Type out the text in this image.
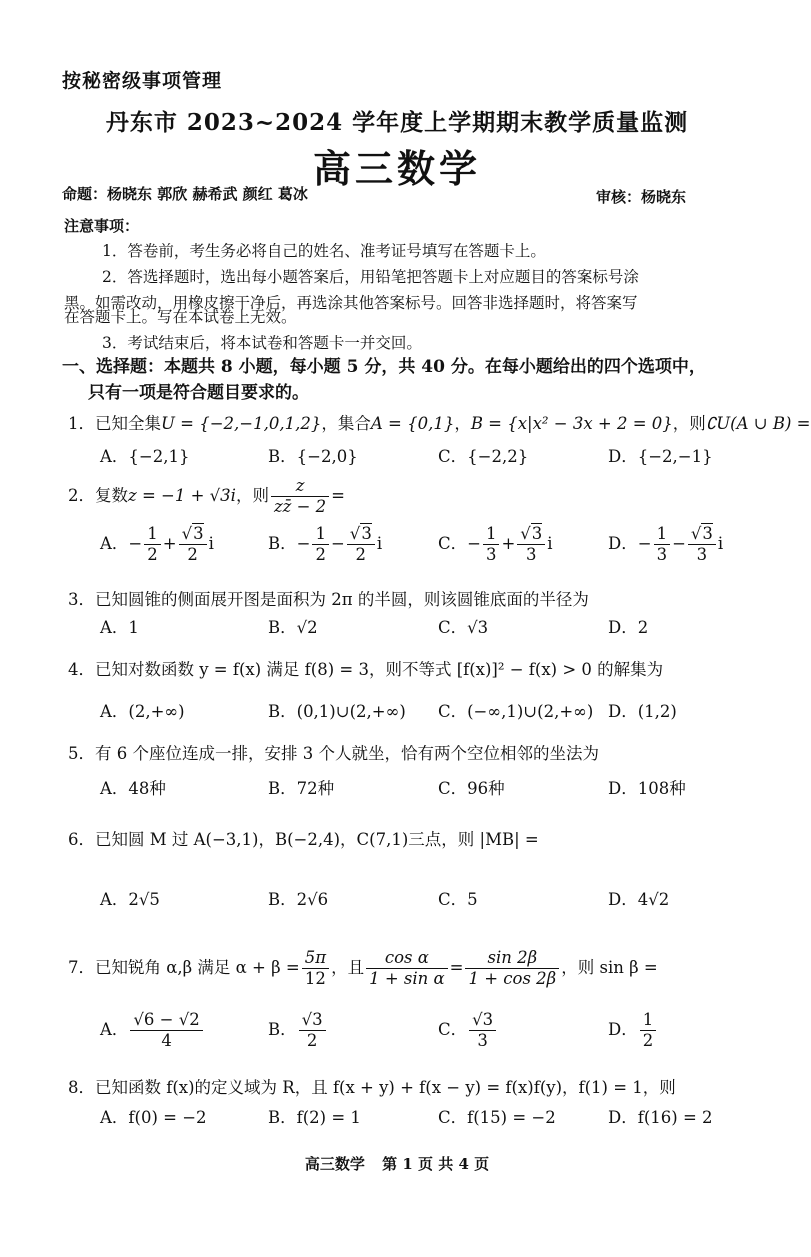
按秘密级事项管理
丹东市 2023~2024 学年度上学期期末教学质量监测
高三数学
命题：杨晓东 郭欣 赫希武 颜红 葛冰	审核：杨晓东
注意事项：
1．答卷前，考生务必将自己的姓名、准考证号填写在答题卡上。
2．答选择题时，选出每小题答案后，用铅笔把答题卡上对应题目的答案标号涂
黑。如需改动，用橡皮擦干净后，再选涂其他答案标号。回答非选择题时，将答案写
在答题卡上。写在本试卷上无效。
3．考试结束后，将本试卷和答题卡一并交回。
一、选择题：本题共 8 小题，每小题 5 分，共 40 分。在每小题给出的四个选项中，
只有一项是符合题目要求的。
1．已知全集U = {−2,−1,0,1,2}，集合A = {0,1}，B = {x|x² − 3x + 2 = 0}，则∁U(A ∪ B) =
A．{−2,1}	B．{−2,0}	C．{−2,2}	D．{−2,−1}
2．复数z = −1 + √3i，则 $\frac{z}{zz̄ - 2}$ =
A．− $\frac{1}{2} + \frac{√3}{2}$ i	B．− $\frac{1}{2} - \frac{√3}{2}$ i	C．− $\frac{1}{3} + \frac{√3}{3}$ i	D．− $\frac{1}{3} - \frac{√3}{3}$ i
3．已知圆锥的侧面展开图是面积为 2π 的半圆，则该圆锥底面的半径为
A．1	B．√2	C．√3	D．2
4．已知对数函数 y = f(x) 满足 f(8) = 3，则不等式 [f(x)]² − f(x) > 0 的解集为
A．(2,+∞)	B．(0,1)∪(2,+∞) C．(−∞,1)∪(2,+∞) D．(1,2)
5．有 6 个座位连成一排，安排 3 个人就坐，恰有两个空位相邻的坐法为
A．48种	B．72种	C．96种	D．108种
6．已知圆 M 过 A(−3,1)，B(−2,4)，C(7,1)三点，则 |MB| =
A．2√5	B．2√6	C．5	D．4√2
7．已知锐角 α,β 满足 $\alpha + \beta = \frac{5\pi}{12}$ ，且 $\frac{\text{cos α}}{\text{1 + sin α}} = \frac{\sin 2\beta}{1 + \cos 2\beta}$ ，则 sin β =
A． $\frac{√6 - √2}{4}$	B． $\frac{√3}{2}$	C． $\frac{√3}{3}$	D． $\frac{1}{2}$
8．已知函数 f(x)的定义域为 R，且 f(x + y) + f(x − y) = f(x)f(y)，f(1) = 1，则
A．f(0) = −2	B．f(2) = 1	C．f(15) = −2	D．f(16) = 2
高三数学 第 1 页 共 4 页
